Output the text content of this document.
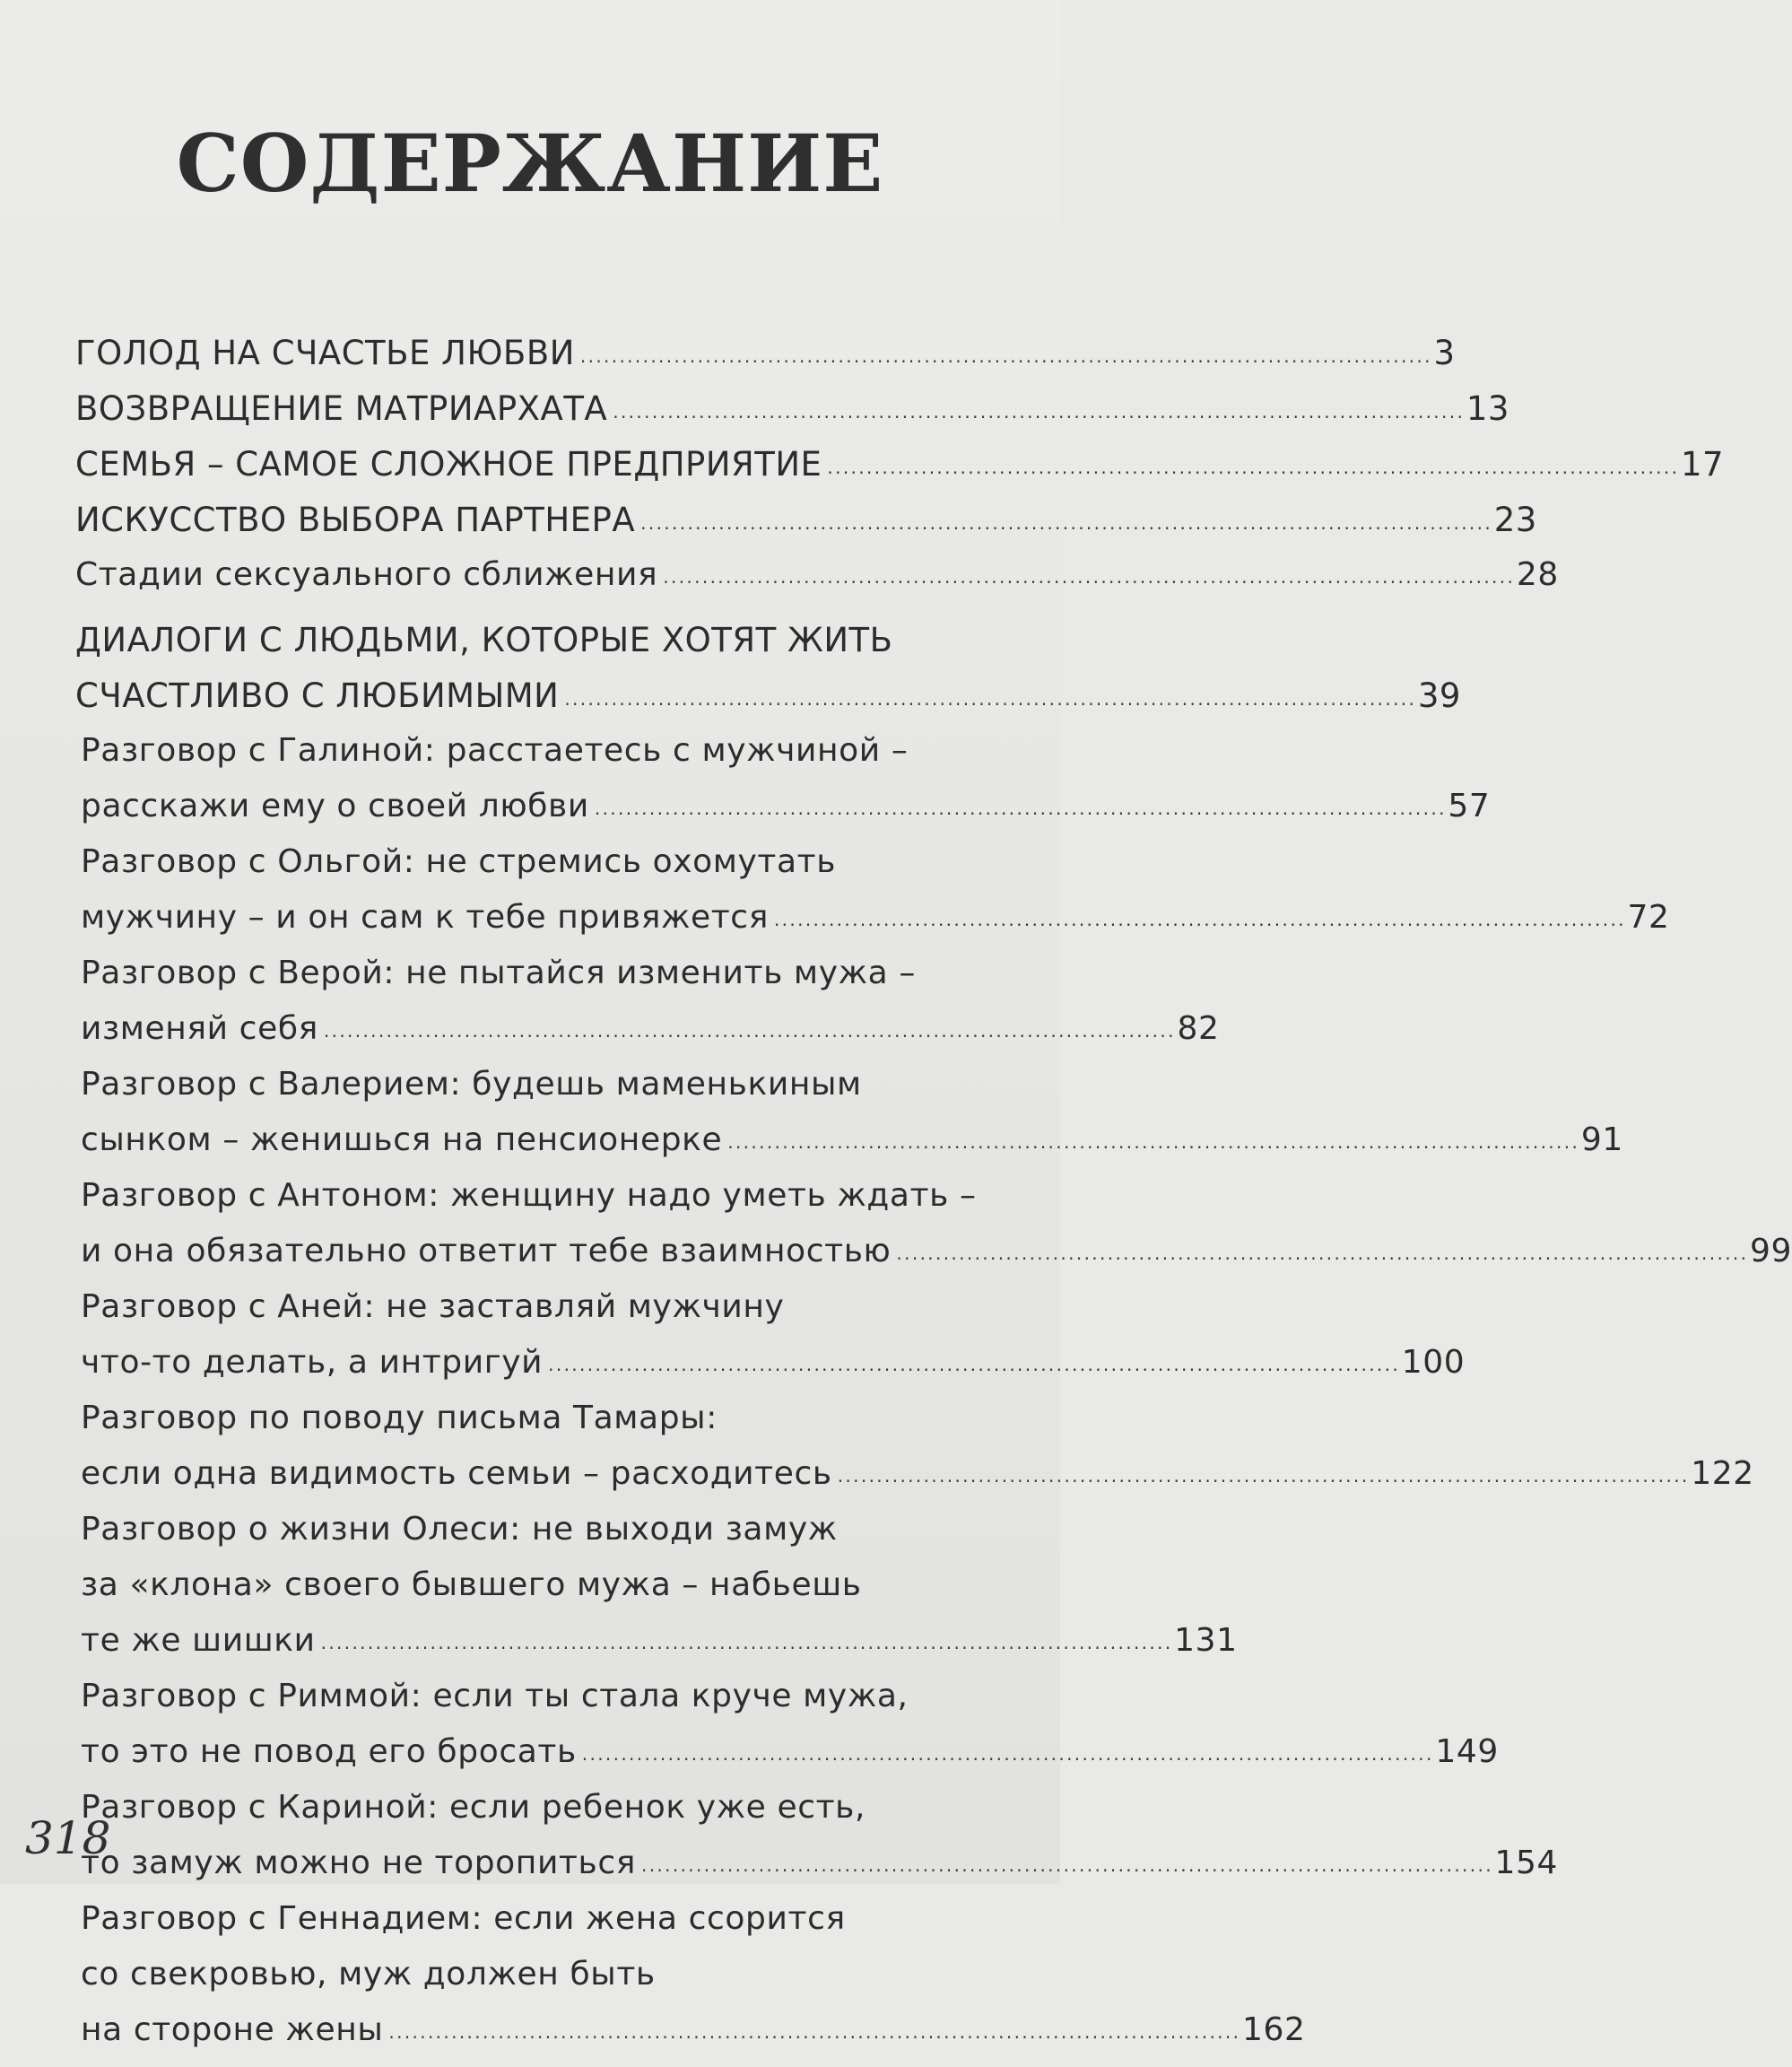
СОДЕРЖАНИЕ
ГОЛОД НА СЧАСТЬЕ ЛЮБВИ . . .	3
ВОЗВРАЩЕНИЕ МАТРИАРХАТА . . .	13
СЕМЬЯ – САМОЕ СЛОЖНОЕ ПРЕДПРИЯТИЕ . . .	17
ИСКУССТВО ВЫБОРА ПАРТНЕРА . . .	23
Стадии сексуального сближения . . .	28
ДИАЛОГИ С ЛЮДЬМИ, КОТОРЫЕ ХОТЯТ ЖИТЬ
СЧАСТЛИВО С ЛЮБИМЫМИ . . .	39
Разговор с Галиной: расстаетесь с мужчиной –
расскажи ему о своей любви . . .	57
Разговор с Ольгой: не стремись охомутать
мужчину – и он сам к тебе привяжется . . .	72
Разговор с Верой: не пытайся изменить мужа –
изменяй себя . . .	82
Разговор с Валерием: будешь маменькиным
сынком – женишься на пенсионерке . . .	91
Разговор с Антоном: женщину надо уметь ждать –
и она обязательно ответит тебе взаимностью . . .	99
Разговор с Аней: не заставляй мужчину
что-то делать, а интригуй . . .	100
Разговор по поводу письма Тамары:
если одна видимость семьи – расходитесь . . .	122
Разговор о жизни Олеси: не выходи замуж
за «клона» своего бывшего мужа – набьешь
те же шишки . . .	131
Разговор с Риммой: если ты стала круче мужа,
то это не повод его бросать . . .	149
Разговор с Кариной: если ребенок уже есть,
то замуж можно не торопиться . . .	154
Разговор с Геннадием: если жена ссорится
со свекровью, муж должен быть
на стороне жены . . .	162
318
